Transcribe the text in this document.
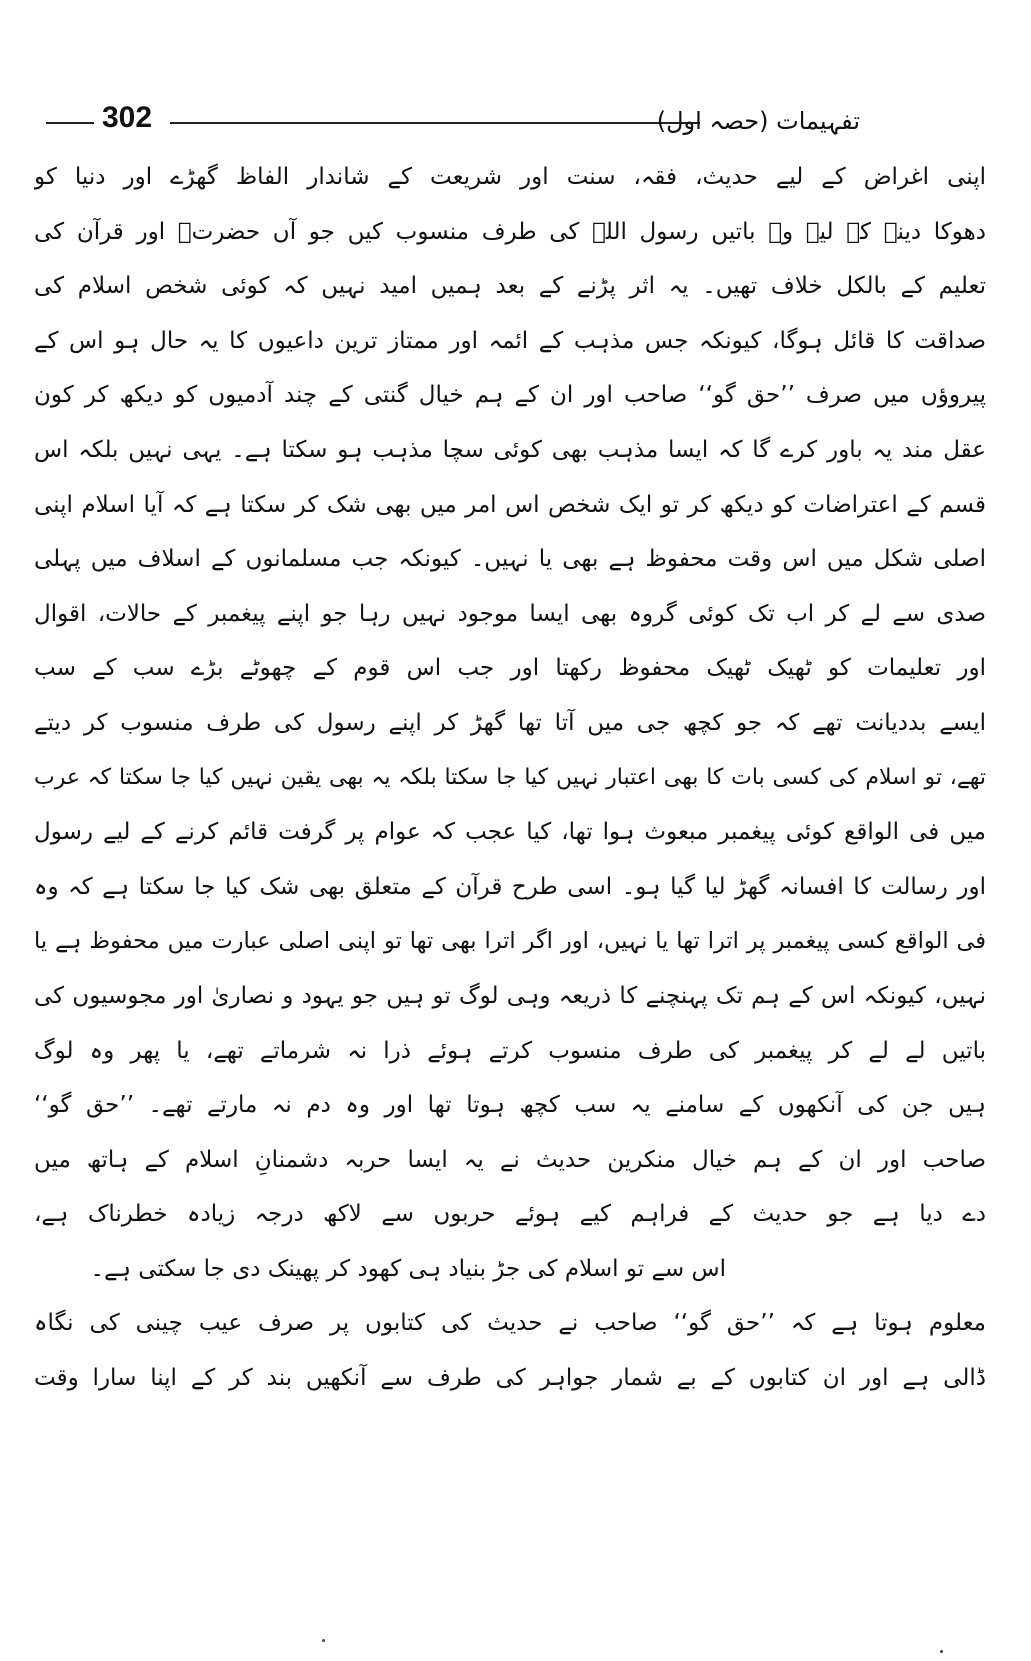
302	تفہیمات (حصہ اول)
اپنی اغراض کے لیے حدیث، فقہ، سنت اور شریعت کے شاندار الفاظ گھڑے اور دنیا کو
دھوکا دینے کے لیے وہ باتیں رسول اللہ کی طرف منسوب کیں جو آں حضرتؐ اور قرآن کی
تعلیم کے بالکل خلاف تھیں۔ یہ اثر پڑنے کے بعد ہمیں امید نہیں کہ کوئی شخص اسلام کی
صداقت کا قائل ہوگا، کیونکہ جس مذہب کے ائمہ اور ممتاز ترین داعیوں کا یہ حال ہو اس کے
پیروؤں میں صرف ’’حق گو‘‘ صاحب اور ان کے ہم خیال گنتی کے چند آدمیوں کو دیکھ کر کون
عقل مند یہ باور کرے گا کہ ایسا مذہب بھی کوئی سچا مذہب ہو سکتا ہے۔ یہی نہیں بلکہ اس
قسم کے اعتراضات کو دیکھ کر تو ایک شخص اس امر میں بھی شک کر سکتا ہے کہ آیا اسلام اپنی
اصلی شکل میں اس وقت محفوظ ہے بھی یا نہیں۔ کیونکہ جب مسلمانوں کے اسلاف میں پہلی
صدی سے لے کر اب تک کوئی گروہ بھی ایسا موجود نہیں رہا جو اپنے پیغمبر کے حالات، اقوال
اور تعلیمات کو ٹھیک ٹھیک محفوظ رکھتا اور جب اس قوم کے چھوٹے بڑے سب کے سب
ایسے بددیانت تھے کہ جو کچھ جی میں آتا تھا گھڑ کر اپنے رسول کی طرف منسوب کر دیتے
تھے، تو اسلام کی کسی بات کا بھی اعتبار نہیں کیا جا سکتا بلکہ یہ بھی یقین نہیں کیا جا سکتا کہ عرب
میں فی الواقع کوئی پیغمبر مبعوث ہوا تھا، کیا عجب کہ عوام پر گرفت قائم کرنے کے لیے رسول
اور رسالت کا افسانہ گھڑ لیا گیا ہو۔ اسی طرح قرآن کے متعلق بھی شک کیا جا سکتا ہے کہ وہ
فی الواقع کسی پیغمبر پر اترا تھا یا نہیں، اور اگر اترا بھی تھا تو اپنی اصلی عبارت میں محفوظ ہے یا
نہیں، کیونکہ اس کے ہم تک پہنچنے کا ذریعہ وہی لوگ تو ہیں جو یہود و نصاریٰ اور مجوسیوں کی
باتیں لے لے کر پیغمبر کی طرف منسوب کرتے ہوئے ذرا نہ شرماتے تھے، یا پھر وہ لوگ
ہیں جن کی آنکھوں کے سامنے یہ سب کچھ ہوتا تھا اور وہ دم نہ مارتے تھے۔ ’’حق گو‘‘
صاحب اور ان کے ہم خیال منکرین حدیث نے یہ ایسا حربہ دشمنانِ اسلام کے ہاتھ میں
دے دیا ہے جو حدیث کے فراہم کیے ہوئے حربوں سے لاکھ درجہ زیادہ خطرناک ہے،
اس سے تو اسلام کی جڑ بنیاد ہی کھود کر پھینک دی جا سکتی ہے۔
معلوم ہوتا ہے کہ ’’حق گو‘‘ صاحب نے حدیث کی کتابوں پر صرف عیب چینی کی نگاہ
ڈالی ہے اور ان کتابوں کے بے شمار جواہر کی طرف سے آنکھیں بند کر کے اپنا سارا وقت
